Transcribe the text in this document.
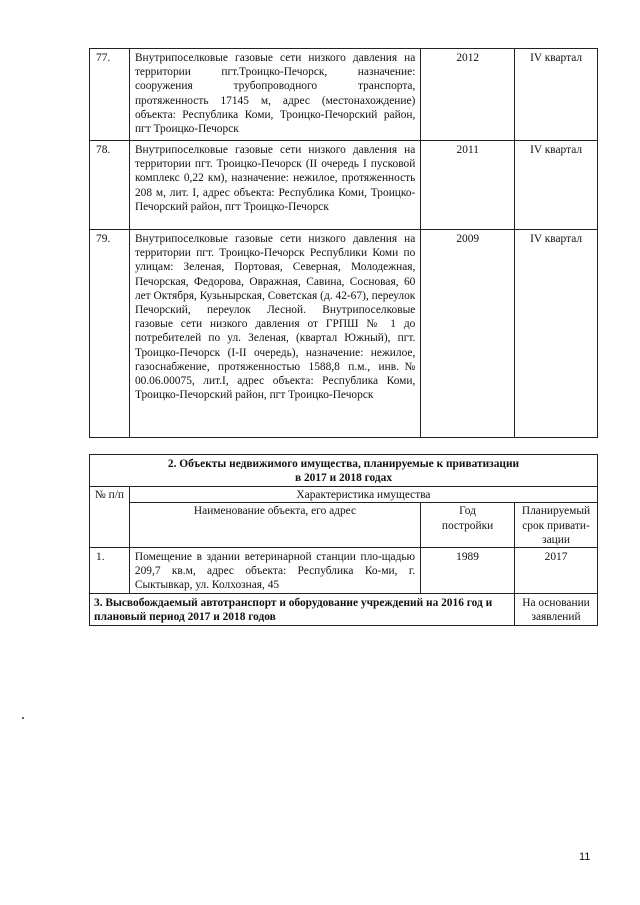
77.	Внутрипоселковые газовые сети низкого давления на территории пгт.Троицко-Печорск, назначение: сооружения трубопроводного транспорта, протяженность 17145 м, адрес (местонахождение) объекта: Республика Коми, Троицко-Печорский район, пгт Троицко-Печорск	2012	IV квартал
78.	Внутрипоселковые газовые сети низкого давления на территории пгт. Троицко-Печорск (II очередь I пусковой комплекс 0,22 км), назначение: нежилое, протяженность 208 м, лит. I, адрес объекта: Республика Коми, Троицко-Печорский район, пгт Троицко-Печорск	2011	IV квартал
79.	Внутрипоселковые газовые сети низкого давления на территории пгт. Троицко-Печорск Республики Коми по улицам: Зеленая, Портовая, Северная, Молодежная, Печорская, Федорова, Овражная, Савина, Сосновая, 60 лет Октября, Кузьнырская, Советская (д. 42-67), переулок Печорский, переулок Лесной. Внутрипоселковые газовые сети низкого давления от ГРПШ № 1 до потребителей по ул. Зеленая, (квартал Южный), пгт. Троицко-Печорск (I-II очередь), назначение: нежилое, газоснабжение, протяженностью 1588,8 п.м., инв.№ 00.06.00075, лит.I, адрес объекта: Республика Коми, Троицко-Печорский район, пгт Троицко-Печорск	2009	IV квартал
2. Объекты недвижимого имущества, планируемые к приватизации
в 2017 и 2018 годах			
№ п/п	Характеристика имущества		
	Наименование объекта, его адрес	Год постройки	Планируемый срок привати-зации
1.	Помещение в здании ветеринарной станции пло-щадью 209,7 кв.м, адрес объекта: Республика Ко-ми, г. Сыктывкар, ул. Колхозная, 45	1989	2017
3. Высвобождаемый автотранспорт и оборудование учреждений на 2016 год и плановый период 2017 и 2018 годов			На основании заявлений
11
